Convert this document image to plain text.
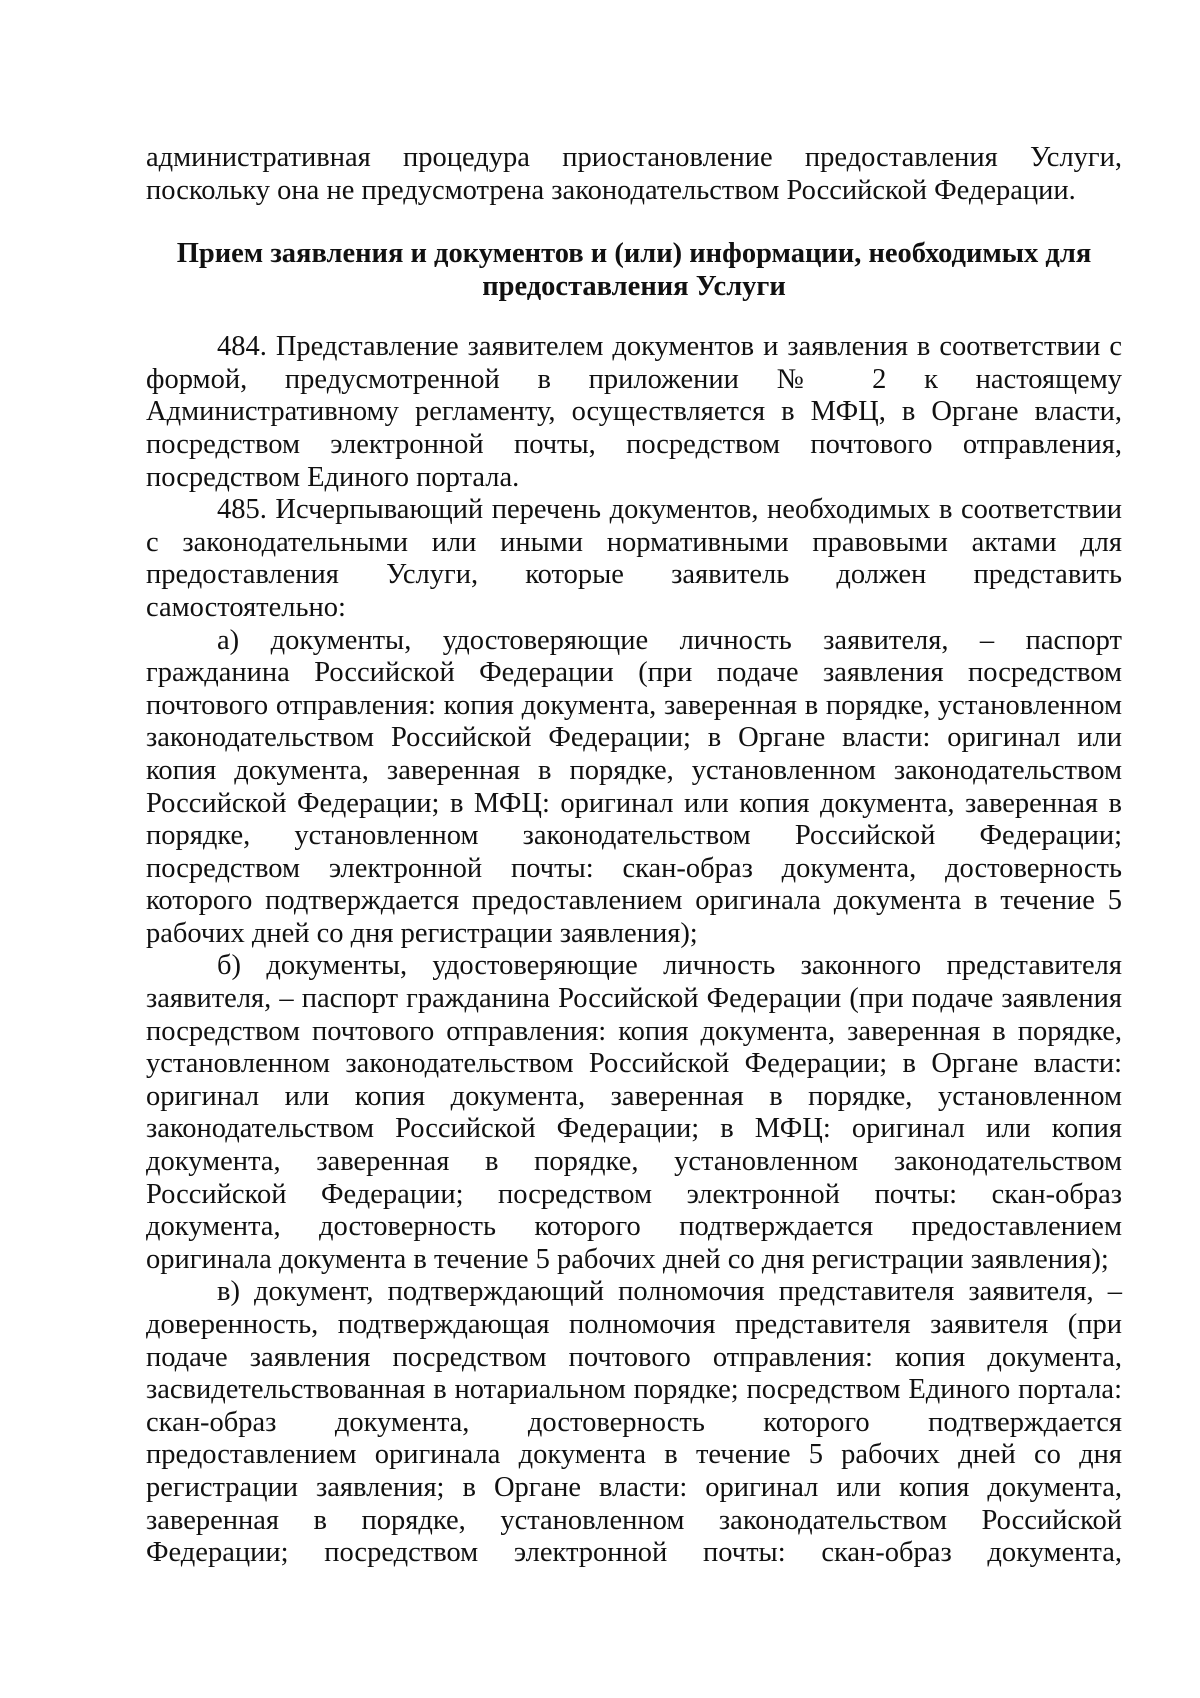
административная процедура приостановление предоставления Услуги,

поскольку она не предусмотрена законодательством Российской Федерации.

Прием заявления и документов и (или) информации, необходимых для
предоставления Услуги

484. Представление заявителем документов и заявления в соответствии с

формой, предусмотренной в приложении № 2 к настоящему

Административному регламенту, осуществляется в МФЦ, в Органе власти,

посредством электронной почты, посредством почтового отправления,

посредством Единого портала.

485. Исчерпывающий перечень документов, необходимых в соответствии

с законодательными или иными нормативными правовыми актами для

предоставления Услуги, которые заявитель должен представить

самостоятельно:

а) документы, удостоверяющие личность заявителя, – паспорт

гражданина Российской Федерации (при подаче заявления посредством

почтового отправления: копия документа, заверенная в порядке, установленном

законодательством Российской Федерации; в Органе власти: оригинал или

копия документа, заверенная в порядке, установленном законодательством

Российской Федерации; в МФЦ: оригинал или копия документа, заверенная в

порядке, установленном законодательством Российской Федерации;

посредством электронной почты: скан-образ документа, достоверность

которого подтверждается предоставлением оригинала документа в течение 5

рабочих дней со дня регистрации заявления);

б) документы, удостоверяющие личность законного представителя

заявителя, – паспорт гражданина Российской Федерации (при подаче заявления

посредством почтового отправления: копия документа, заверенная в порядке,

установленном законодательством Российской Федерации; в Органе власти:

оригинал или копия документа, заверенная в порядке, установленном

законодательством Российской Федерации; в МФЦ: оригинал или копия

документа, заверенная в порядке, установленном законодательством

Российской Федерации; посредством электронной почты: скан-образ

документа, достоверность которого подтверждается предоставлением

оригинала документа в течение 5 рабочих дней со дня регистрации заявления);

в) документ, подтверждающий полномочия представителя заявителя, –

доверенность, подтверждающая полномочия представителя заявителя (при

подаче заявления посредством почтового отправления: копия документа,

засвидетельствованная в нотариальном порядке; посредством Единого портала:

скан-образ документа, достоверность которого подтверждается

предоставлением оригинала документа в течение 5 рабочих дней со дня

регистрации заявления; в Органе власти: оригинал или копия документа,

заверенная в порядке, установленном законодательством Российской

Федерации; посредством электронной почты: скан-образ документа,
